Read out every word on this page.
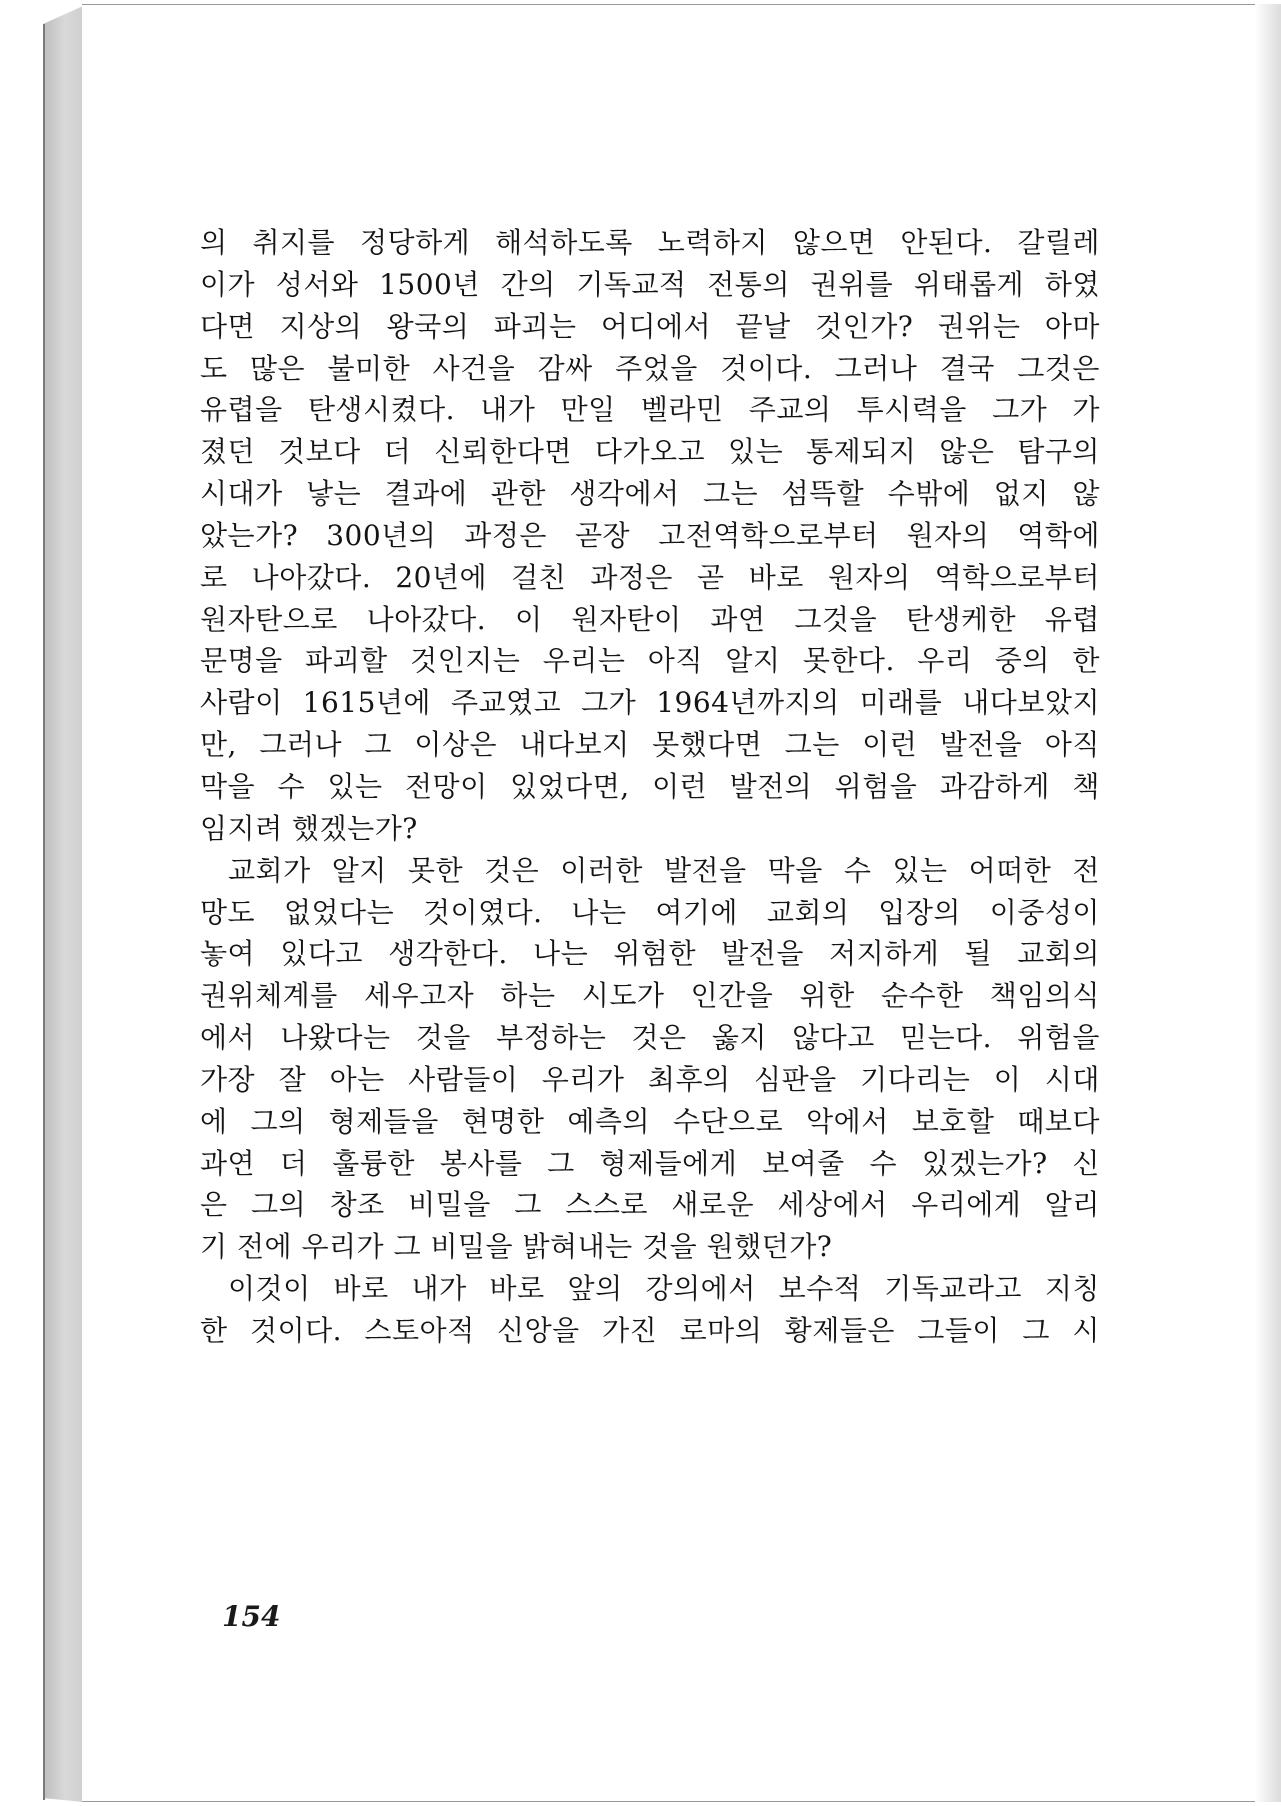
의 취지를 정당하게 해석하도록 노력하지 않으면 안된다. 갈릴레
이가 성서와 1500년 간의 기독교적 전통의 권위를 위태롭게 하였
다면 지상의 왕국의 파괴는 어디에서 끝날 것인가? 권위는 아마
도 많은 불미한 사건을 감싸 주었을 것이다. 그러나 결국 그것은
유렵을 탄생시켰다. 내가 만일 벨라민 주교의 투시력을 그가 가
졌던 것보다 더 신뢰한다면 다가오고 있는 통제되지 않은 탐구의
시대가 낳는 결과에 관한 생각에서 그는 섬뜩할 수밖에 없지 않
았는가? 300년의 과정은 곧장 고전역학으로부터 원자의 역학에
로 나아갔다. 20년에 걸친 과정은 곧 바로 원자의 역학으로부터
원자탄으로 나아갔다. 이 원자탄이 과연 그것을 탄생케한 유렵
문명을 파괴할 것인지는 우리는 아직 알지 못한다. 우리 중의 한
사람이 1615년에 주교였고 그가 1964년까지의 미래를 내다보았지
만, 그러나 그 이상은 내다보지 못했다면 그는 이런 발전을 아직
막을 수 있는 전망이 있었다면, 이런 발전의 위험을 과감하게 책
임지려 했겠는가?
교회가 알지 못한 것은 이러한 발전을 막을 수 있는 어떠한 전
망도 없었다는 것이였다. 나는 여기에 교회의 입장의 이중성이
놓여 있다고 생각한다. 나는 위험한 발전을 저지하게 될 교회의
권위체계를 세우고자 하는 시도가 인간을 위한 순수한 책임의식
에서 나왔다는 것을 부정하는 것은 옳지 않다고 믿는다. 위험을
가장 잘 아는 사람들이 우리가 최후의 심판을 기다리는 이 시대
에 그의 형제들을 현명한 예측의 수단으로 악에서 보호할 때보다
과연 더 훌륭한 봉사를 그 형제들에게 보여줄 수 있겠는가? 신
은 그의 창조 비밀을 그 스스로 새로운 세상에서 우리에게 알리
기 전에 우리가 그 비밀을 밝혀내는 것을 원했던가?
이것이 바로 내가 바로 앞의 강의에서 보수적 기독교라고 지칭
한 것이다. 스토아적 신앙을 가진 로마의 황제들은 그들이 그 시
154
